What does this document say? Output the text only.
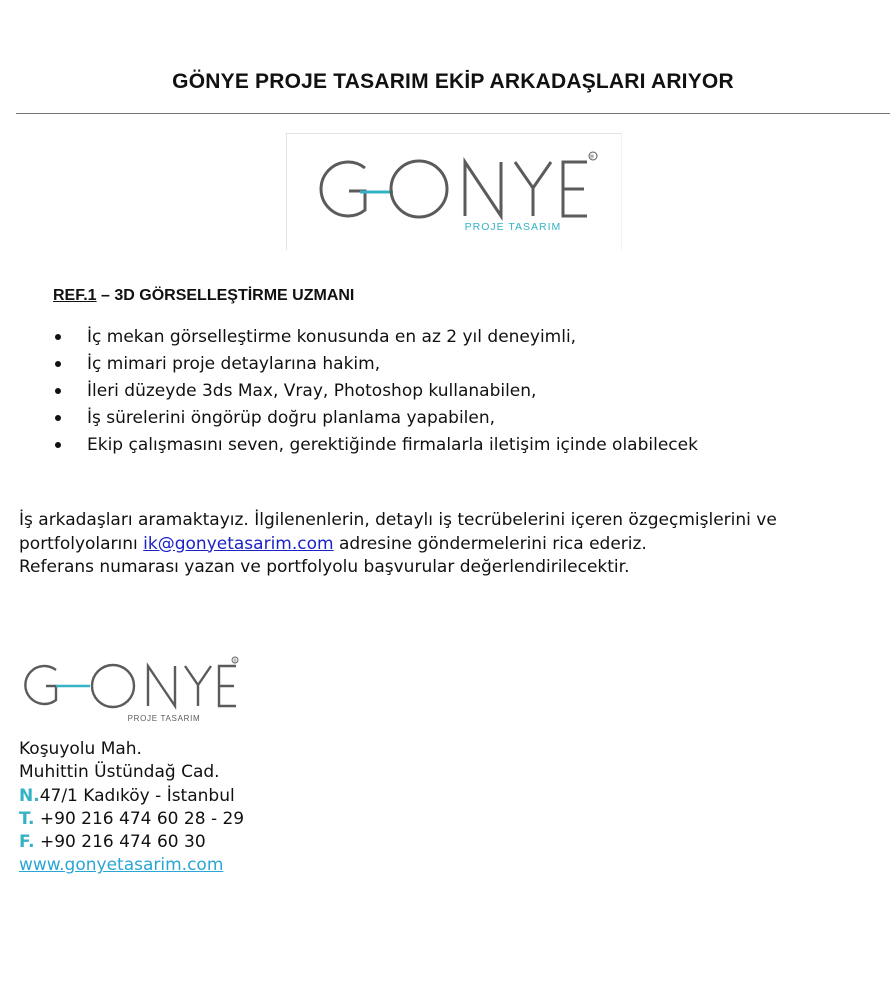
GÖNYE PROJE TASARIM EKİP ARKADAŞLARI ARIYOR
®
PROJE TASARIM
REF.1 – 3D GÖRSELLEŞTİRME UZMANI
İç mekan görselleştirme konusunda en az 2 yıl deneyimli,
İç mimari proje detaylarına hakim,
İleri düzeyde 3ds Max, Vray, Photoshop kullanabilen,
İş sürelerini öngörüp doğru planlama yapabilen,
Ekip çalışmasını seven, gerektiğinde firmalarla iletişim içinde olabilecek

İş arkadaşları aramaktayız. İlgilenenlerin, detaylı iş tecrübelerini içeren özgeçmişlerini ve

portfolyolarını ik@gonyetasarim.com adresine göndermelerini rica ederiz.

Referans numarası yazan ve portfolyolu başvurular değerlendirilecektir.

®
PROJE TASARIM
Koşuyolu Mah.
Muhittin Üstündağ Cad.
N.47/1 Kadıköy - İstanbul
T. +90 216 474 60 28 - 29
F. +90 216 474 60 30
www.gonyetasarim.com
